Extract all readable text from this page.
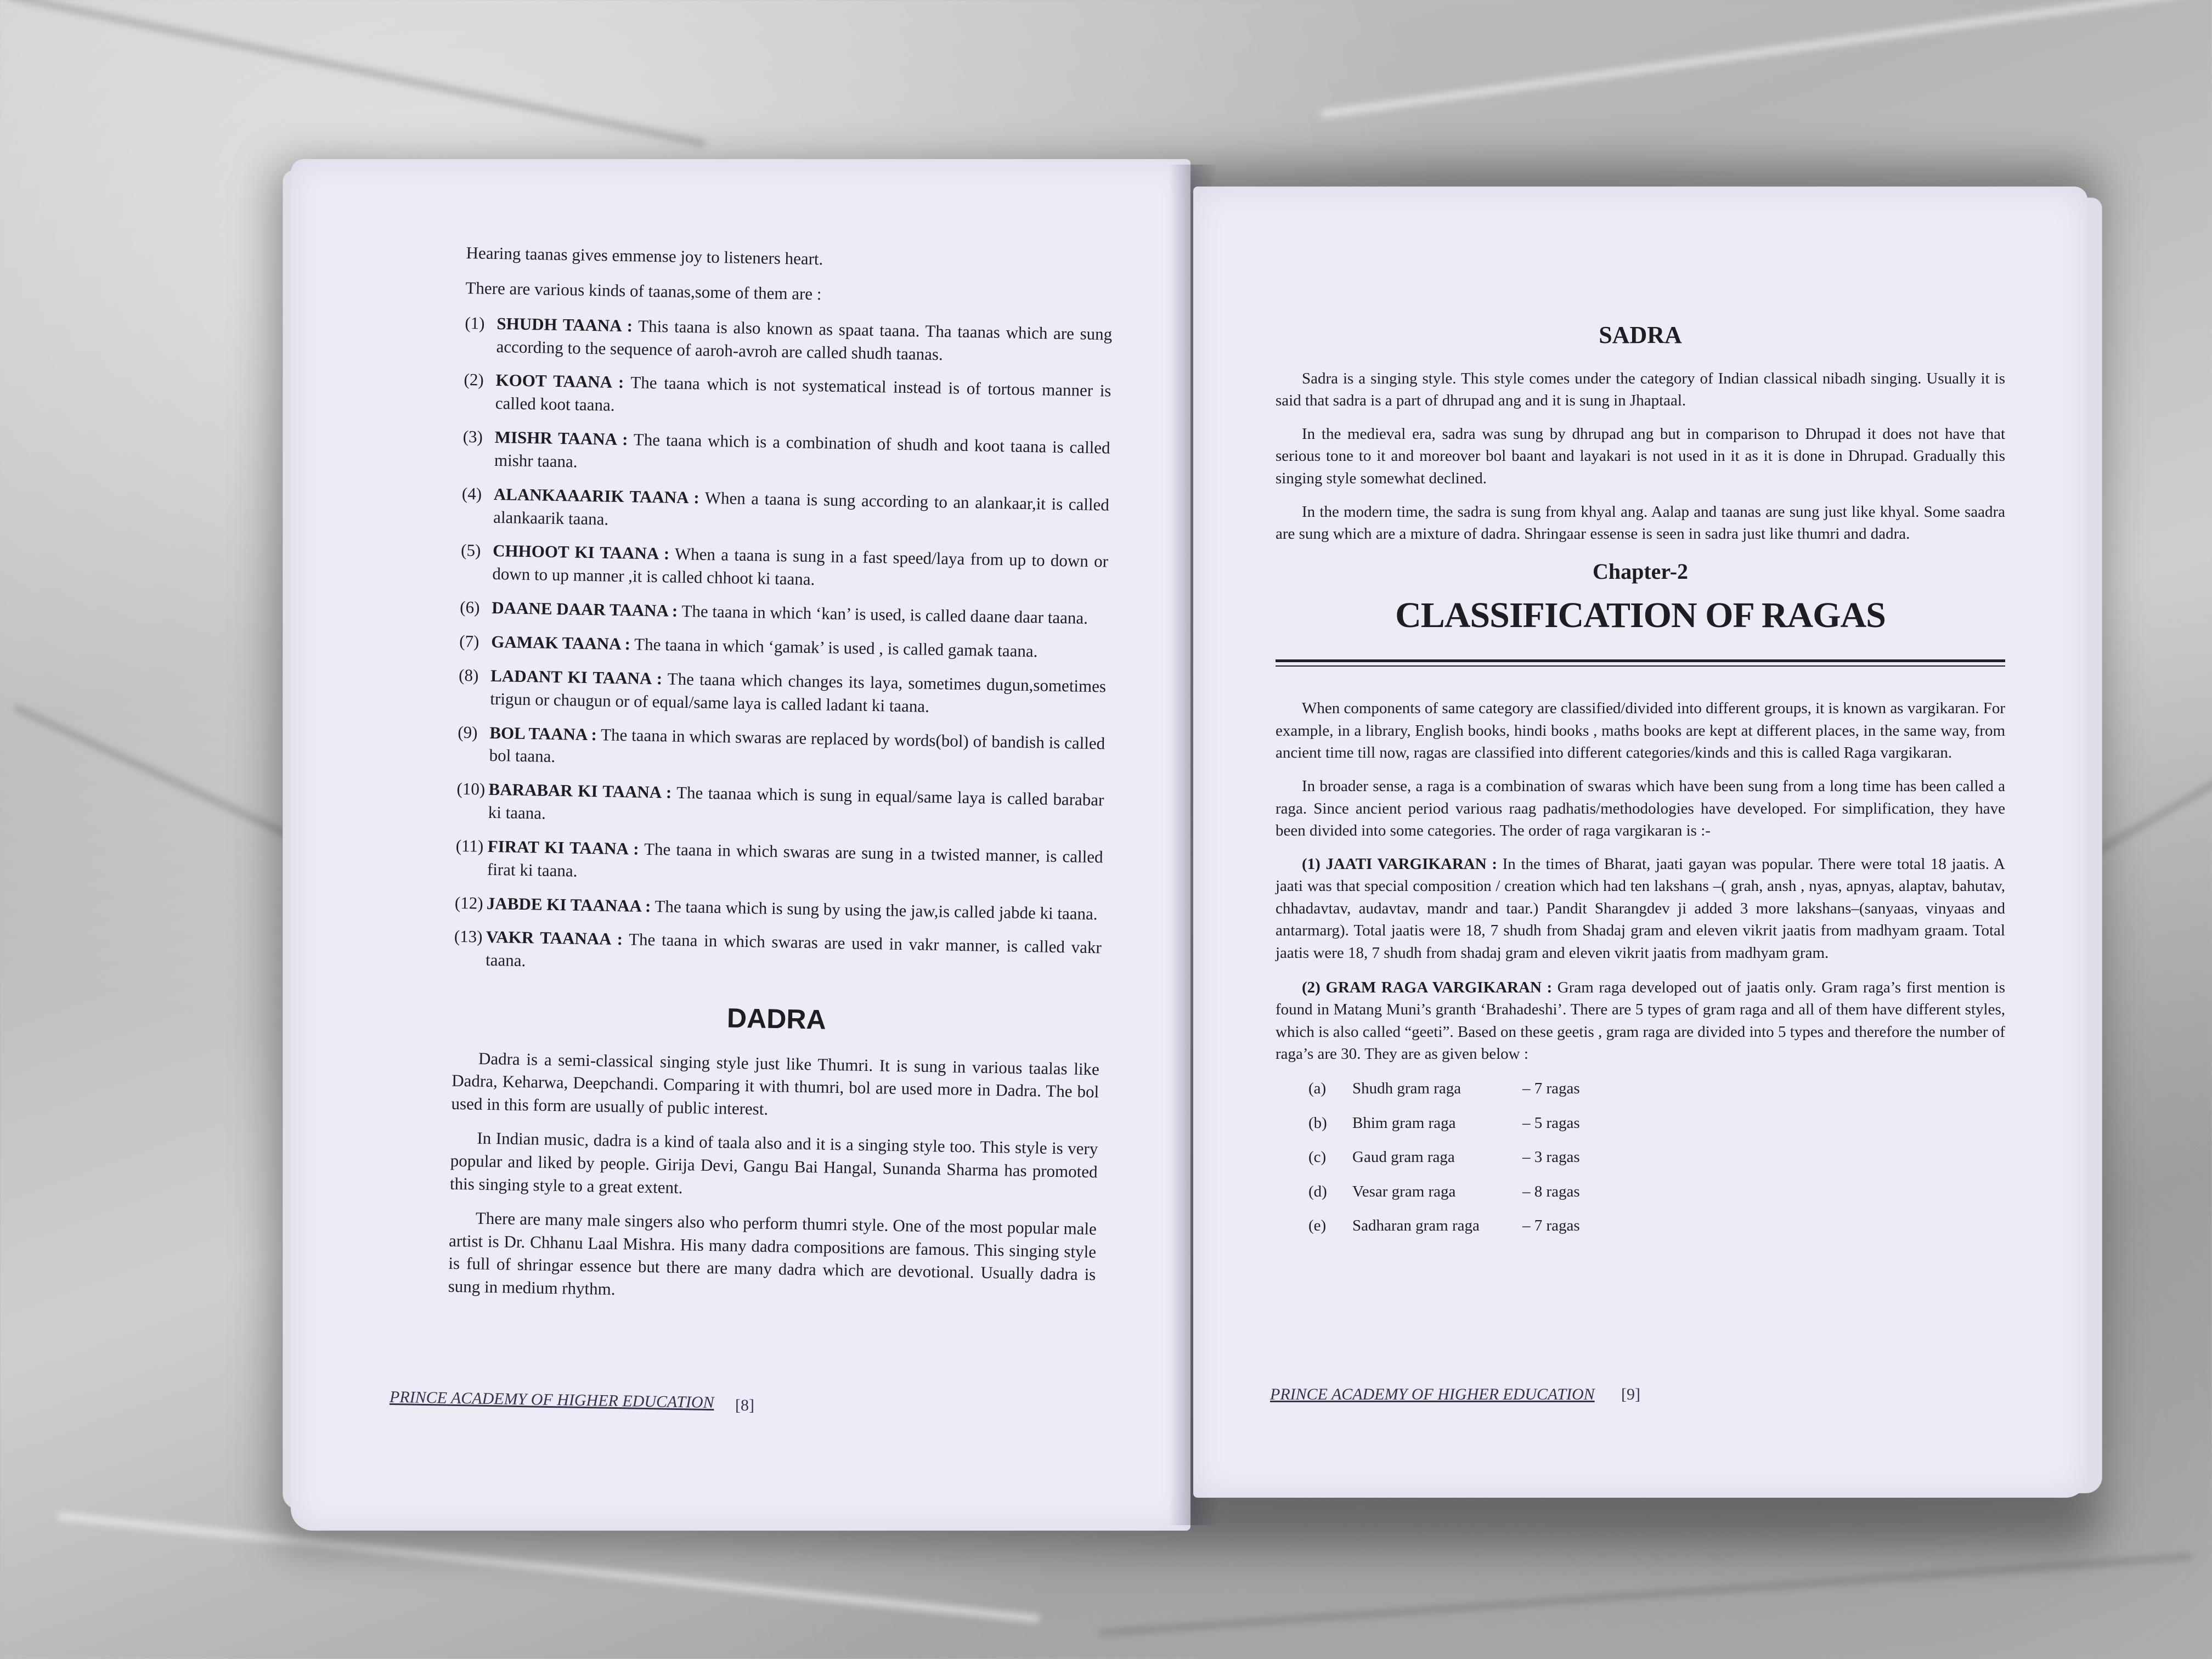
Hearing taanas gives emmense joy to listeners heart.

There are various kinds of taanas,some of them are :

(1) SHUDH TAANA : This taana is also known as spaat taana. Tha taanas which are sung according to the sequence of aaroh-avroh are called shudh taanas.
(2) KOOT TAANA : The taana which is not systematical instead is of tortous manner is called koot taana.
(3) MISHR TAANA : The taana which is a combination of shudh and koot taana is called mishr taana.
(4) ALANKAAARIK TAANA : When a taana is sung according to an alankaar,it is called alankaarik taana.
(5) CHHOOT KI TAANA : When a taana is sung in a fast speed/laya from up to down or down to up manner ,it is called chhoot ki taana.
(6) DAANE DAAR TAANA : The taana in which ‘kan’ is used, is called daane daar taana.
(7) GAMAK TAANA : The taana in which ‘gamak’ is used , is called gamak taana.
(8) LADANT KI TAANA : The taana which changes its laya, sometimes dugun,sometimes trigun or chaugun or of equal/same laya is called ladant ki taana.
(9) BOL TAANA : The taana in which swaras are replaced by words(bol) of bandish is called bol taana.
(10) BARABAR KI TAANA : The taanaa which is sung in equal/same laya is called barabar ki taana.
(11) FIRAT KI TAANA : The taana in which swaras are sung in a twisted manner, is called firat ki taana.
(12) JABDE KI TAANAA : The taana which is sung by using the jaw,is called jabde ki taana.
(13) VAKR TAANAA : The taana in which swaras are used in vakr manner, is called vakr taana.
DADRA

Dadra is a semi-classical singing style just like Thumri. It is sung in various taalas like Dadra, Keharwa, Deepchandi. Comparing it with thumri, bol are used more in Dadra. The bol used in this form are usually of public interest.

In Indian music, dadra is a kind of taala also and it is a singing style too. This style is very popular and liked by people. Girija Devi, Gangu Bai Hangal, Sunanda Sharma has promoted this singing style to a great extent.

There are many male singers also who perform thumri style. One of the most popular male artist is Dr. Chhanu Laal Mishra. His many dadra compositions are famous. This singing style is full of shringar essence but there are many dadra which are devotional. Usually dadra is sung in medium rhythm.

PRINCE ACADEMY OF HIGHER EDUCATION [8]
SADRA

Sadra is a singing style. This style comes under the category of Indian classical nibadh singing. Usually it is said that sadra is a part of dhrupad ang and it is sung in Jhaptaal.

In the medieval era, sadra was sung by dhrupad ang but in comparison to Dhrupad it does not have that serious tone to it and moreover bol baant and layakari is not used in it as it is done in Dhrupad. Gradually this singing style somewhat declined.

In the modern time, the sadra is sung from khyal ang. Aalap and taanas are sung just like khyal. Some saadra are sung which are a mixture of dadra. Shringaar essense is seen in sadra just like thumri and dadra.

Chapter-2
CLASSIFICATION OF RAGAS

When components of same category are classified/divided into different groups, it is known as vargikaran. For example, in a library, English books, hindi books , maths books are kept at different places, in the same way, from ancient time till now, ragas are classified into different categories/kinds and this is called Raga vargikaran.

In broader sense, a raga is a combination of swaras which have been sung from a long time has been called a raga. Since ancient period various raag padhatis/methodologies have developed. For simplification, they have been divided into some categories. The order of raga vargikaran is :-

(1) JAATI VARGIKARAN : In the times of Bharat, jaati gayan was popular. There were total 18 jaatis. A jaati was that special composition / creation which had ten lakshans –( grah, ansh , nyas, apnyas, alaptav, bahutav, chhadavtav, audavtav, mandr and taar.) Pandit Sharangdev ji added 3 more lakshans–(sanyaas, vinyaas and antarmarg). Total jaatis were 18, 7 shudh from Shadaj gram and eleven vikrit jaatis from madhyam graam. Total jaatis were 18, 7 shudh from shadaj gram and eleven vikrit jaatis from madhyam gram.

(2) GRAM RAGA VARGIKARAN : Gram raga developed out of jaatis only. Gram raga’s first mention is found in Matang Muni’s granth ‘Brahadeshi’. There are 5 types of gram raga and all of them have different styles, which is also called “geeti”. Based on these geetis , gram raga are divided into 5 types and therefore the number of raga’s are 30. They are as given below :

(a)	Shudh gram raga	– 7 ragas
(b)	Bhim gram raga	– 5 ragas
(c)	Gaud gram raga	– 3 ragas
(d)	Vesar gram raga	– 8 ragas
(e)	Sadharan gram raga	– 7 ragas
PRINCE ACADEMY OF HIGHER EDUCATION [9]
